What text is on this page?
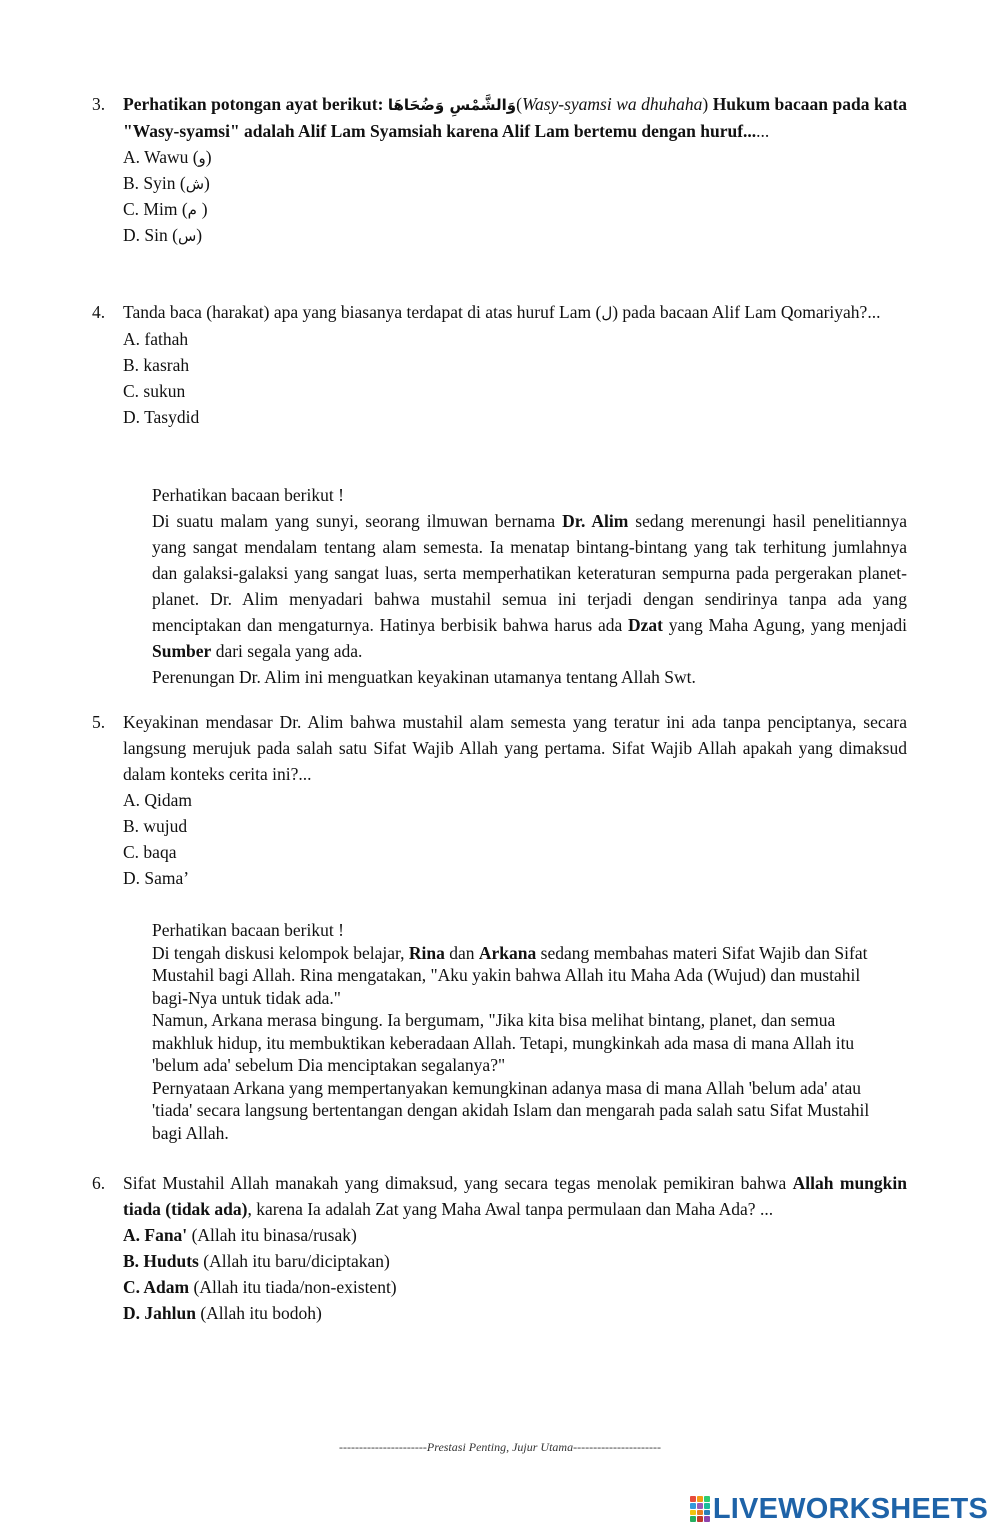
3.	Perhatikan potongan ayat berikut: وَالشَّمْسِ وَضُحَاهَا(Wasy-syamsi wa dhuhaha) Hukum bacaan pada kata "Wasy-syamsi" adalah Alif Lam Syamsiah karena Alif Lam bertemu dengan huruf......
A. Wawu (و)
B. Syin (ش)
C. Mim (م )
D. Sin (س)
4.	Tanda baca (harakat) apa yang biasanya terdapat di atas huruf Lam (ل) pada bacaan Alif Lam Qomariyah?...
A. fathah
B. kasrah
C. sukun
D. Tasydid

Perhatikan bacaan berikut !

Di suatu malam yang sunyi, seorang ilmuwan bernama Dr. Alim sedang merenungi hasil penelitiannya yang sangat mendalam tentang alam semesta. Ia menatap bintang-bintang yang tak terhitung jumlahnya dan galaksi-galaksi yang sangat luas, serta memperhatikan keteraturan sempurna pada pergerakan planet-planet. Dr. Alim menyadari bahwa mustahil semua ini terjadi dengan sendirinya tanpa ada yang menciptakan dan mengaturnya. Hatinya berbisik bahwa harus ada Dzat yang Maha Agung, yang menjadi Sumber dari segala yang ada.

Perenungan Dr. Alim ini menguatkan keyakinan utamanya tentang Allah Swt.

5.	Keyakinan mendasar Dr. Alim bahwa mustahil alam semesta yang teratur ini ada tanpa penciptanya, secara langsung merujuk pada salah satu Sifat Wajib Allah yang pertama. Sifat Wajib Allah apakah yang dimaksud dalam konteks cerita ini?...
A. Qidam
B. wujud
C. baqa
D. Sama’

Perhatikan bacaan berikut !

Di tengah diskusi kelompok belajar, Rina dan Arkana sedang membahas materi Sifat Wajib dan Sifat Mustahil bagi Allah. Rina mengatakan, "Aku yakin bahwa Allah itu Maha Ada (Wujud) dan mustahil bagi-Nya untuk tidak ada."

Namun, Arkana merasa bingung. Ia bergumam, "Jika kita bisa melihat bintang, planet, dan semua makhluk hidup, itu membuktikan keberadaan Allah. Tetapi, mungkinkah ada masa di mana Allah itu 'belum ada' sebelum Dia menciptakan segalanya?"

Pernyataan Arkana yang mempertanyakan kemungkinan adanya masa di mana Allah 'belum ada' atau 'tiada' secara langsung bertentangan dengan akidah Islam dan mengarah pada salah satu Sifat Mustahil bagi Allah.

6.	Sifat Mustahil Allah manakah yang dimaksud, yang secara tegas menolak pemikiran bahwa Allah mungkin tiada (tidak ada), karena Ia adalah Zat yang Maha Awal tanpa permulaan dan Maha Ada? ...
A. Fana' (Allah itu binasa/rusak)
B. Huduts (Allah itu baru/diciptakan)
C. Adam (Allah itu tiada/non-existent)
D. Jahlun (Allah itu bodoh)
----------------------Prestasi Penting, Jujur Utama----------------------
LIVEWORKSHEETS
